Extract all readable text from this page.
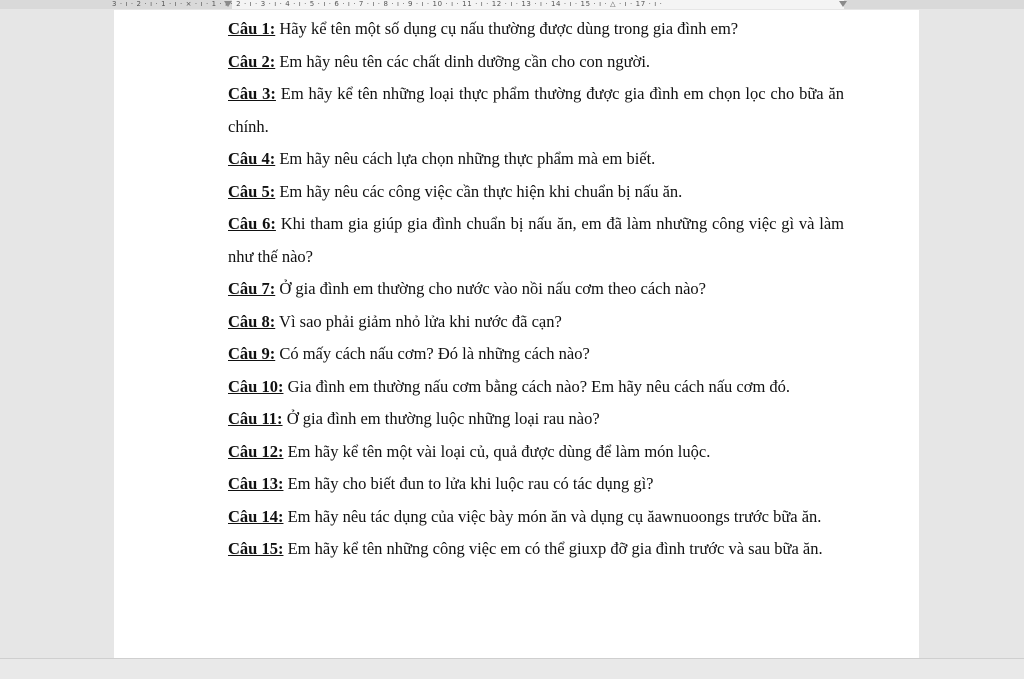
3 · ı · 2 · ı · 1 · ı · ⨯ · ı · 1 · ı · 2 · ı · 3 · ı · 4 · ı · 5 · ı · 6 · ı · 7 · ı · 8 · ı · 9 · ı · 10 · ı · 11 · ı · 12 · ı · 13 · ı · 14 · ı · 15 · ı · △ · ı · 17 · ı ·

Câu 1: Hãy kể tên một số dụng cụ nấu thường được dùng trong gia đình em?

Câu 2: Em hãy nêu tên các chất dinh dưỡng cần cho con người.

Câu 3: Em hãy kể tên những loại thực phẩm thường được gia đình em chọn lọc cho bữa ăn chính.

Câu 4: Em hãy nêu cách lựa chọn những thực phẩm mà em biết.

Câu 5: Em hãy nêu các công việc cần thực hiện khi chuẩn bị nấu ăn.

Câu 6: Khi tham gia giúp gia đình chuẩn bị nấu ăn, em đã làm nhưững công việc gì và làm như thế nào?

Câu 7: Ở gia đình em thường cho nước vào nồi nấu cơm theo cách nào?

Câu 8: Vì sao phải giảm nhỏ lửa khi nước đã cạn?

Câu 9: Có mấy cách nấu cơm? Đó là những cách nào?

Câu 10: Gia đình em thường nấu cơm bằng cách nào? Em hãy nêu cách nấu cơm đó.

Câu 11: Ở gia đình em thường luộc những loại rau nào?

Câu 12: Em hãy kể tên một vài loại củ, quả được dùng để làm món luộc.

Câu 13: Em hãy cho biết đun to lửa khi luộc rau có tác dụng gì?

Câu 14: Em hãy nêu tác dụng của việc bày món ăn và dụng cụ ăawnuoongs trước bữa ăn.

Câu 15: Em hãy kể tên những công việc em có thể giuxp đỡ gia đình trước và sau bữa ăn.
